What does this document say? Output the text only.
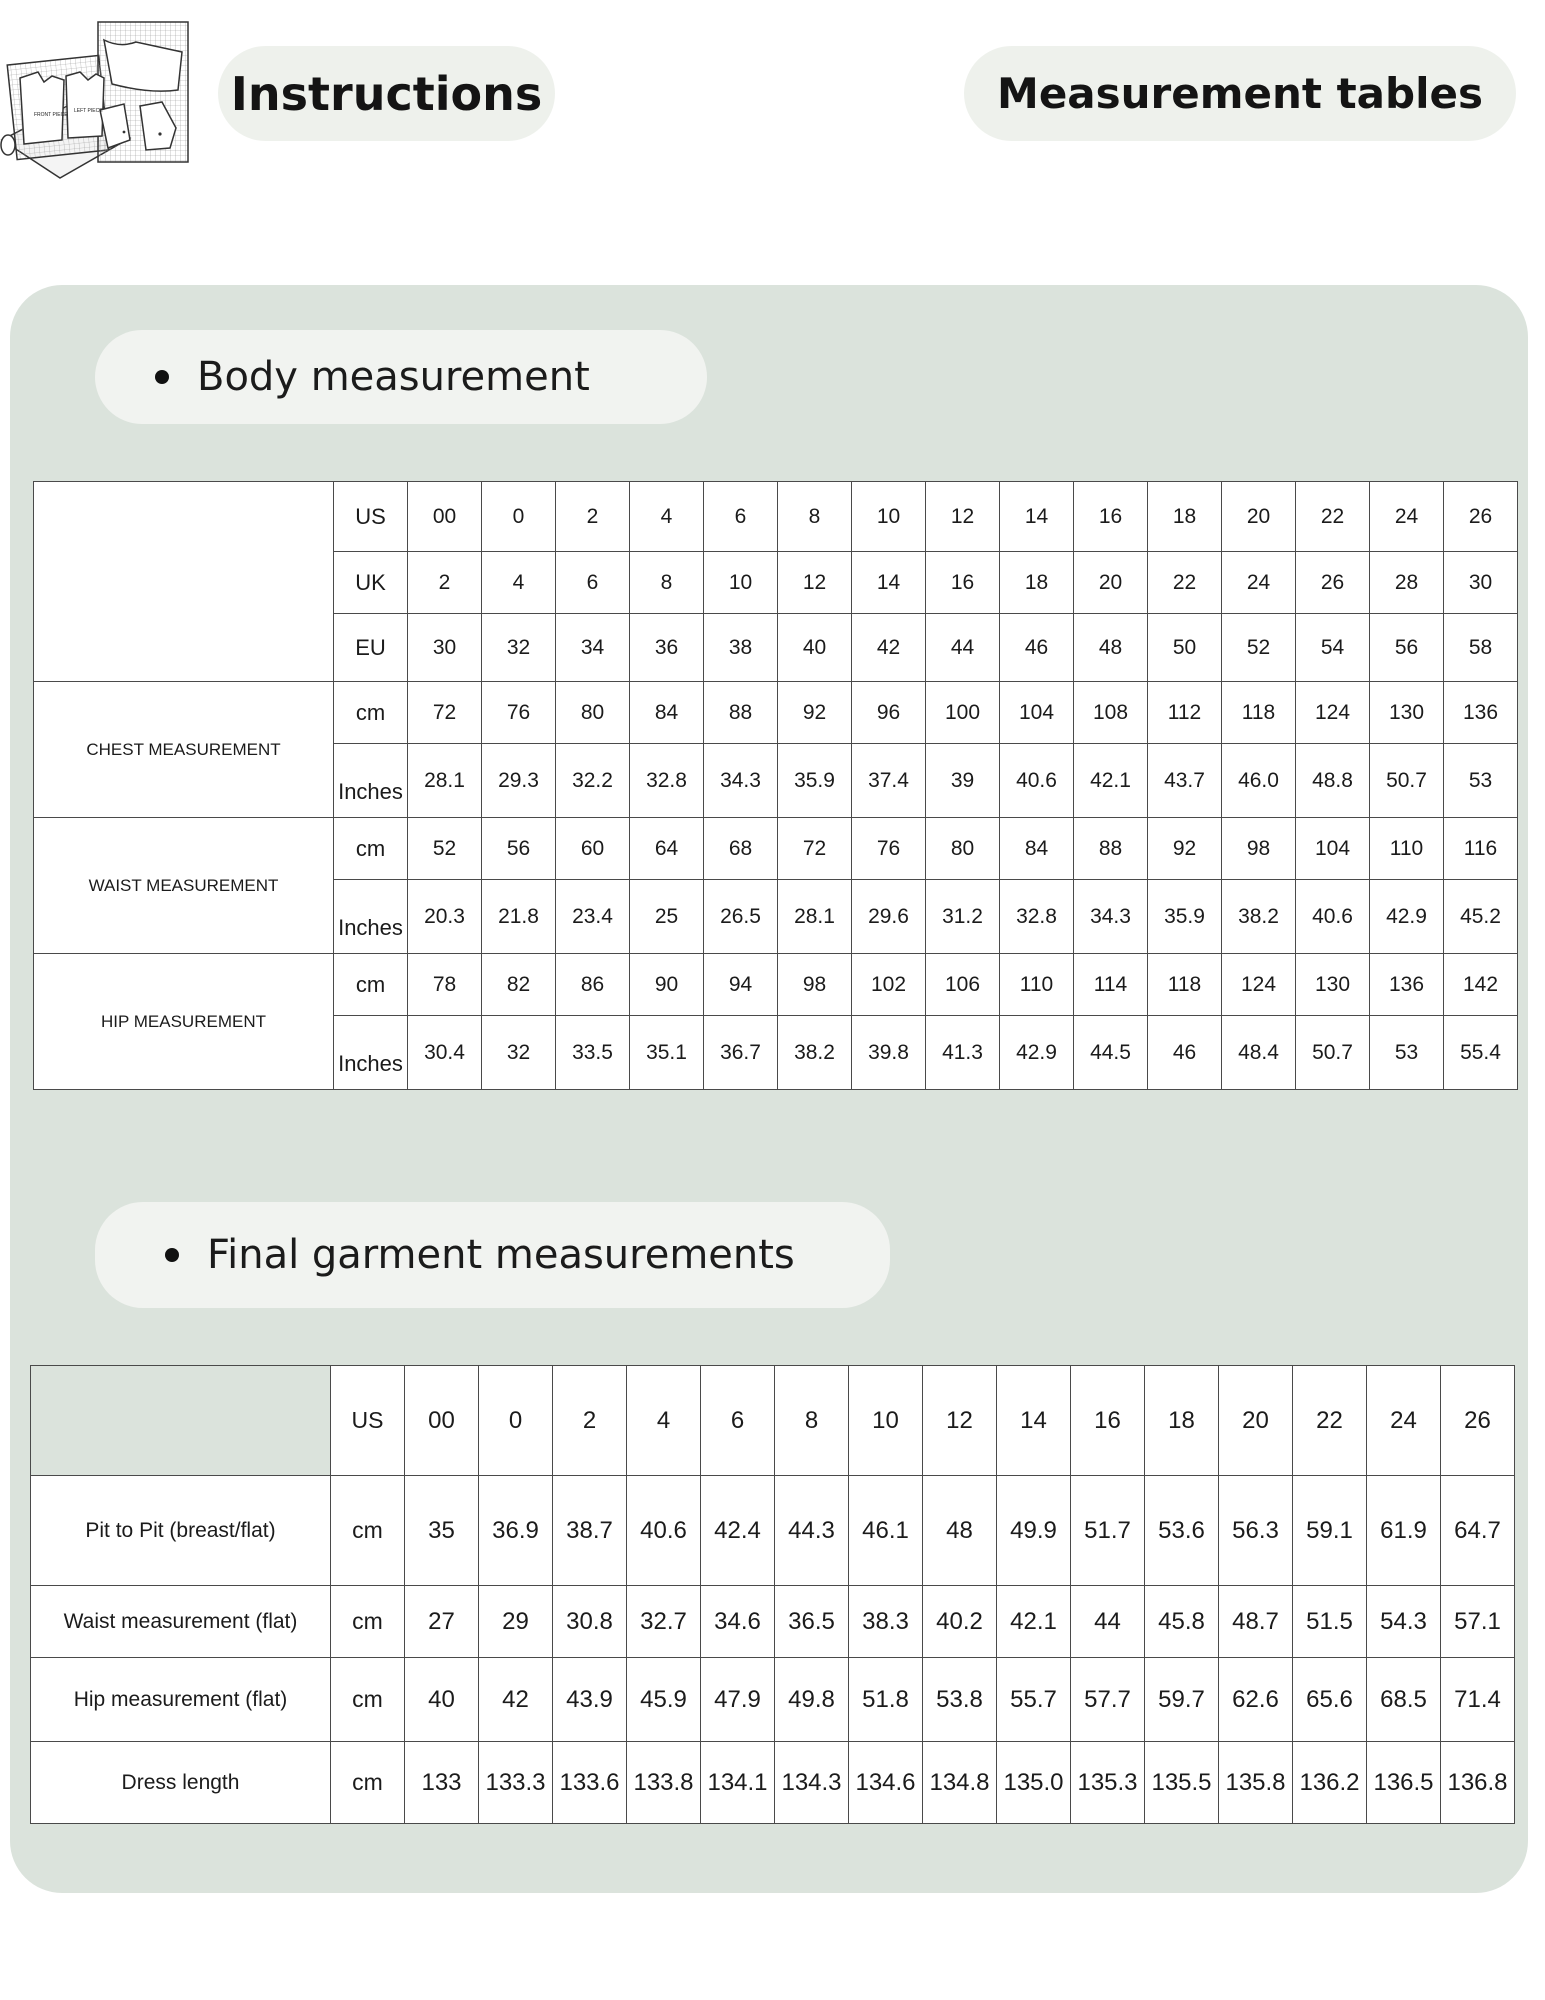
FRONT PIECE
LEFT PIECE	Instructions	Measurement tables
Body measurement
	US	00	0	2	4	6	8	10	12	14	16	18	20	22	24	26
	UK	2	4	6	8	10	12	14	16	18	20	22	24	26	28	30
	EU	30	32	34	36	38	40	42	44	46	48	50	52	54	56	58
CHEST MEASUREMENT	cm	72	76	80	84	88	92	96	100	104	108	112	118	124	130	136
	Inches	28.1	29.3	32.2	32.8	34.3	35.9	37.4	39	40.6	42.1	43.7	46.0	48.8	50.7	53
WAIST MEASUREMENT	cm	52	56	60	64	68	72	76	80	84	88	92	98	104	110	116
	Inches	20.3	21.8	23.4	25	26.5	28.1	29.6	31.2	32.8	34.3	35.9	38.2	40.6	42.9	45.2
HIP MEASUREMENT	cm	78	82	86	90	94	98	102	106	110	114	118	124	130	136	142
	Inches	30.4	32	33.5	35.1	36.7	38.2	39.8	41.3	42.9	44.5	46	48.4	50.7	53	55.4
Final garment measurements
	US	00	0	2	4	6	8	10	12	14	16	18	20	22	24	26
Pit to Pit (breast/flat)	cm	35	36.9	38.7	40.6	42.4	44.3	46.1	48	49.9	51.7	53.6	56.3	59.1	61.9	64.7
Waist measurement (flat)	cm	27	29	30.8	32.7	34.6	36.5	38.3	40.2	42.1	44	45.8	48.7	51.5	54.3	57.1
Hip measurement (flat)	cm	40	42	43.9	45.9	47.9	49.8	51.8	53.8	55.7	57.7	59.7	62.6	65.6	68.5	71.4
Dress length	cm	133	133.3	133.6	133.8	134.1	134.3	134.6	134.8	135.0	135.3	135.5	135.8	136.2	136.5	136.8
